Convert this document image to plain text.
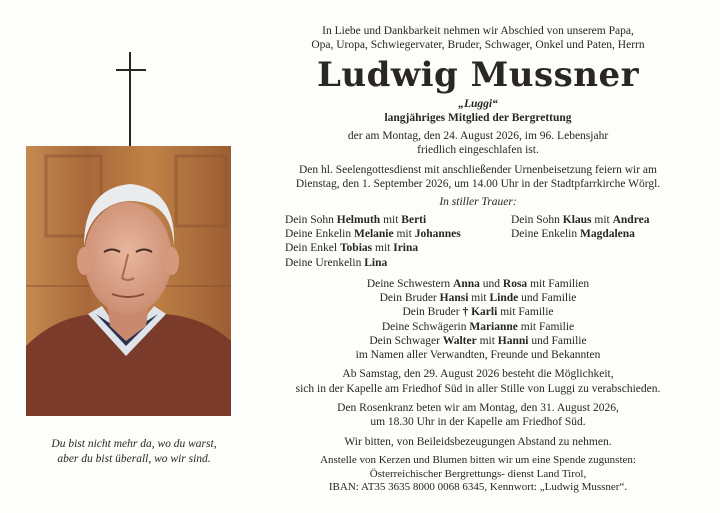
Du bist nicht mehr da, wo du warst,
aber du bist überall, wo wir sind.

In Liebe und Dankbarkeit nehmen wir Abschied von unserem Papa,

Opa, Uropa, Schwiegervater, Bruder, Schwager, Onkel und Paten, Herrn

Ludwig Mussner

„Luggi“

langjähriges Mitglied der Bergrettung

der am Montag, den 24. August 2026, im 96. Lebensjahr

friedlich eingeschlafen ist.

Den hl. Seelengottesdienst mit anschließender Urnenbeisetzung feiern wir am

Dienstag, den 1. September 2026, um 14.00 Uhr in der Stadtpfarrkirche Wörgl.

In stiller Trauer:

Dein Sohn Helmuth mit Berti
Deine Enkelin Melanie mit Johannes
Dein Enkel Tobias mit Irina
Deine Urenkelin Lina
Dein Sohn Klaus mit Andrea
Deine Enkelin Magdalena

Deine Schwestern Anna und Rosa mit Familien

Dein Bruder Hansi mit Linde und Familie

Dein Bruder † Karli mit Familie

Deine Schwägerin Marianne mit Familie

Dein Schwager Walter mit Hanni und Familie

im Namen aller Verwandten, Freunde und Bekannten

Ab Samstag, den 29. August 2026 besteht die Möglichkeit,

sich in der Kapelle am Friedhof Süd in aller Stille von Luggi zu verabschieden.

Den Rosenkranz beten wir am Montag, den 31. August 2026,

um 18.30 Uhr in der Kapelle am Friedhof Süd.

Wir bitten, von Beileidsbezeugungen Abstand zu nehmen.

Anstelle von Kerzen und Blumen bitten wir um eine Spende zugunsten:

Österreichischer Bergrettungs- dienst Land Tirol,

IBAN: AT35 3635 8000 0068 6345, Kennwort: „Ludwig Mussner“.
